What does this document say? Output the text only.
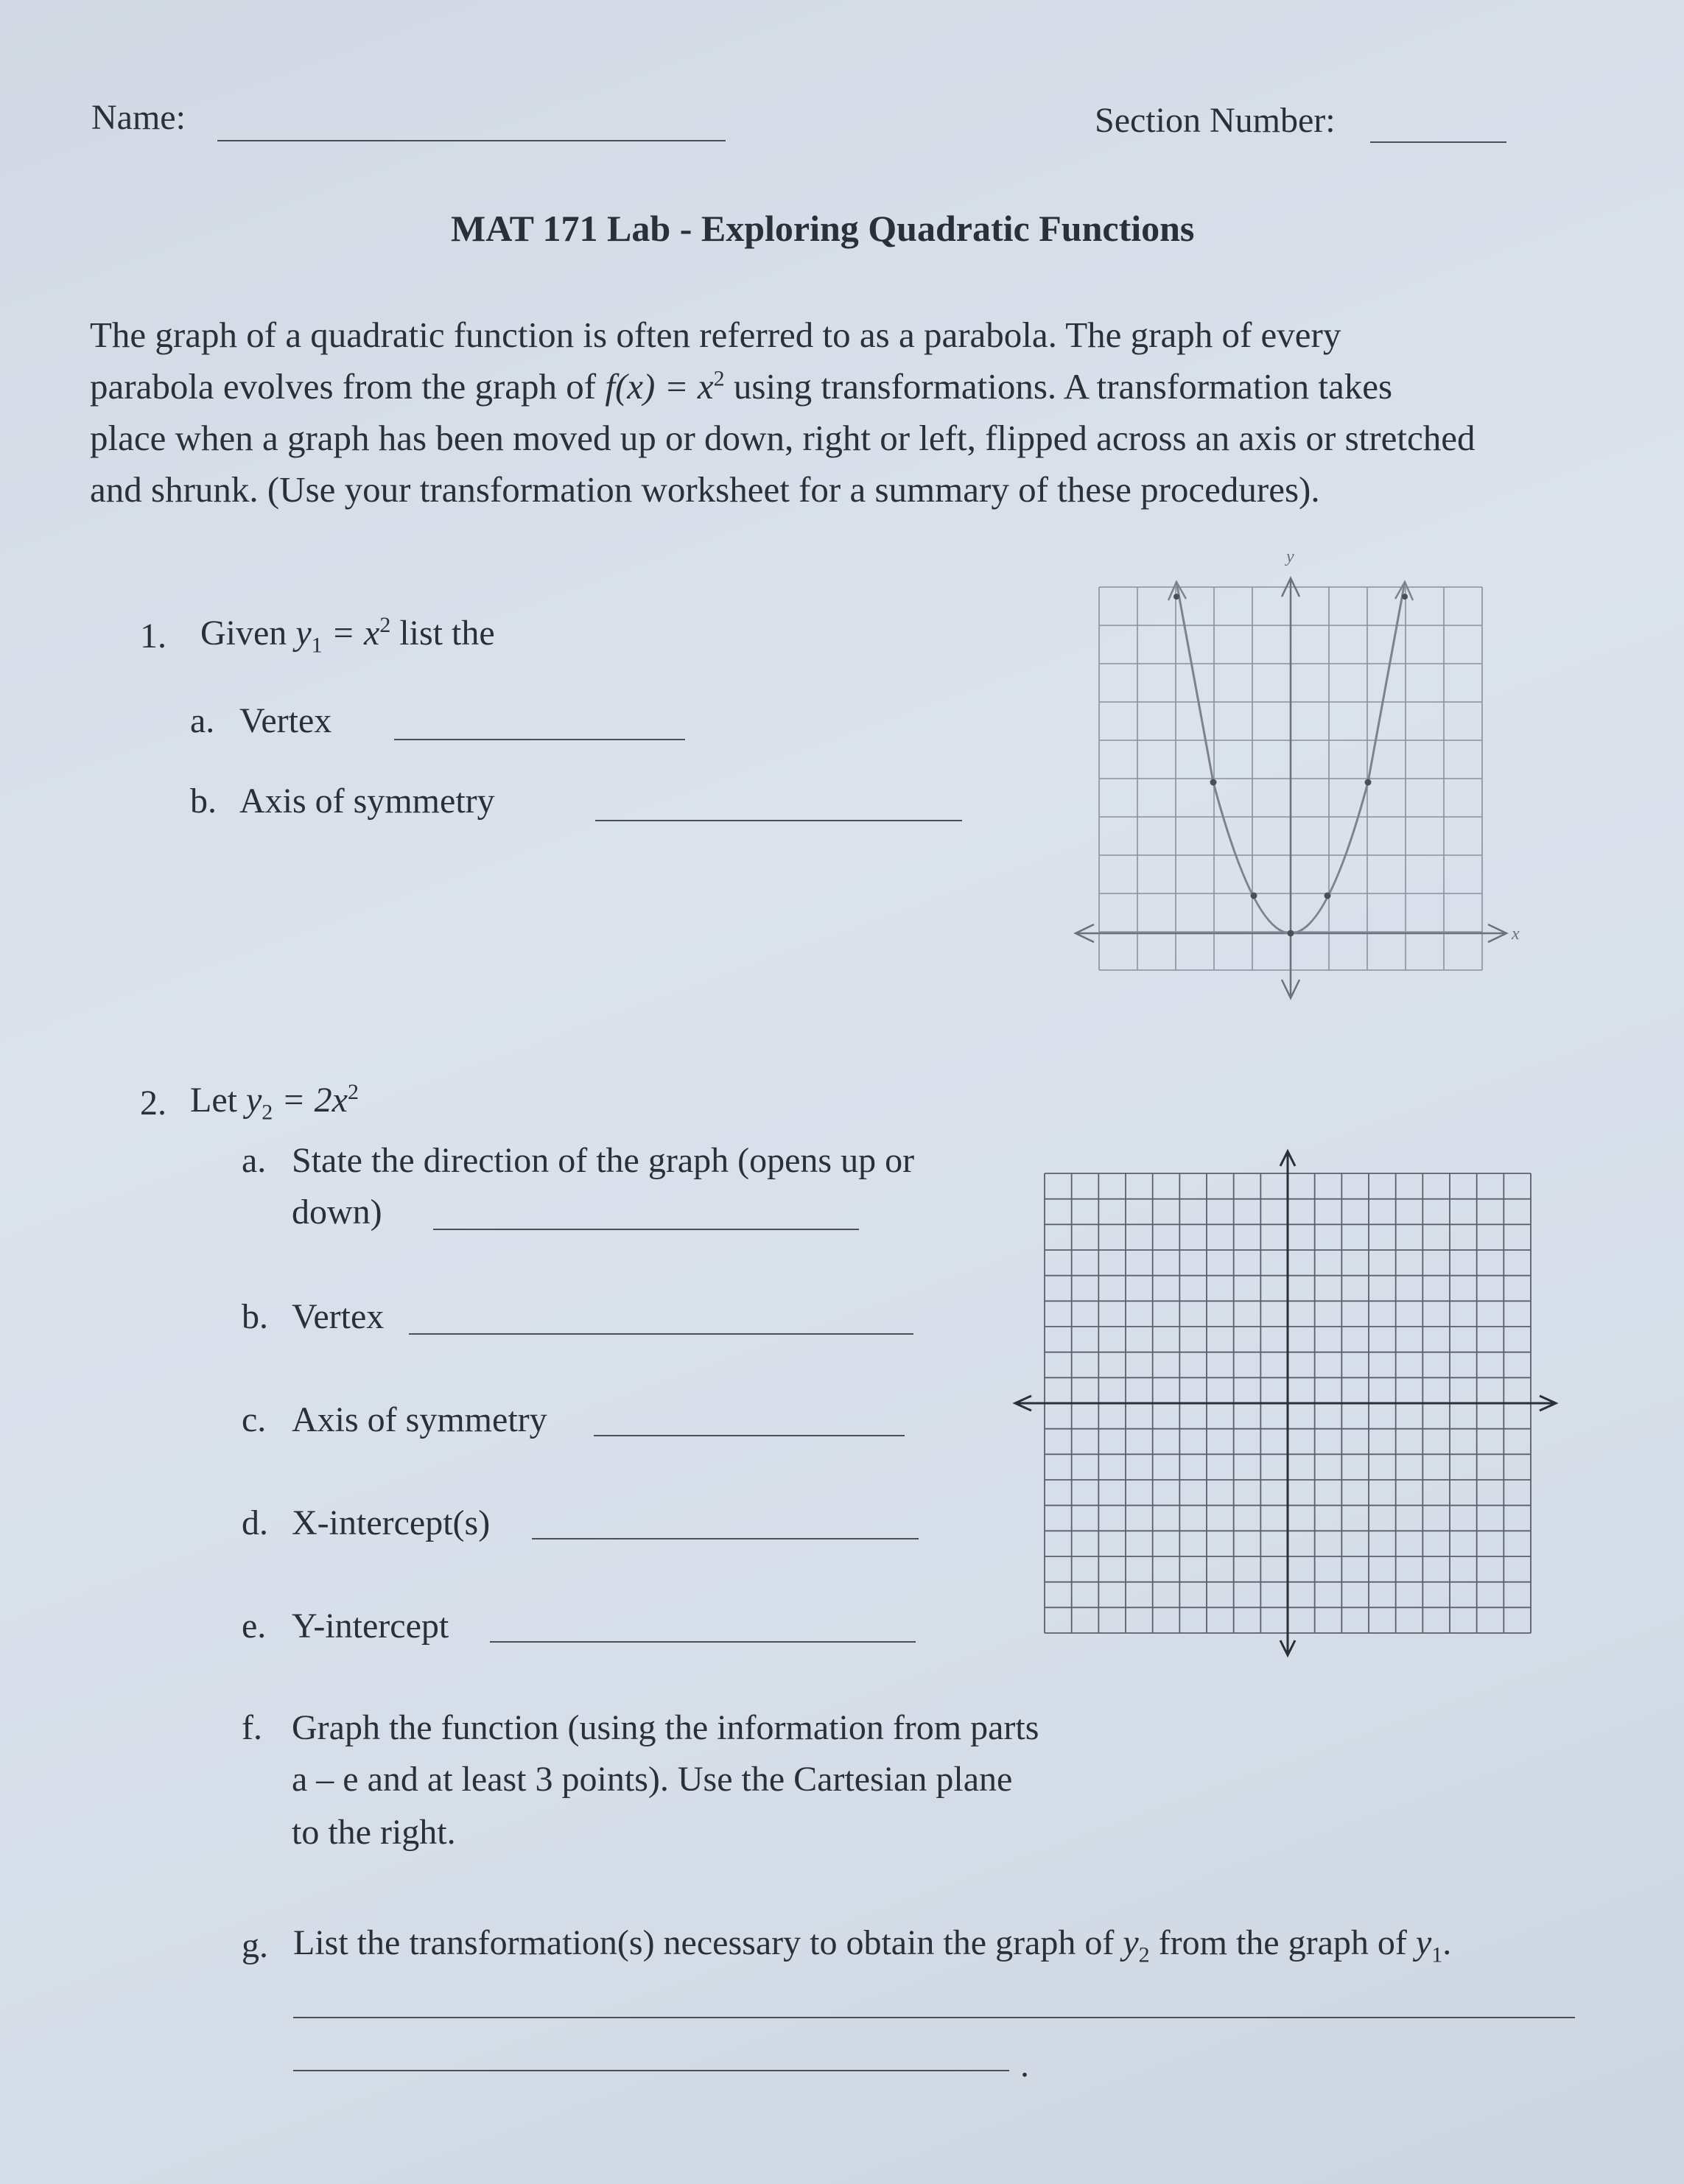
Name:	Section Number:
MAT 171 Lab - Exploring Quadratic Functions
The graph of a quadratic function is often referred to as a parabola. The graph of every
parabola evolves from the graph of $f(x) = x^2$ using transformations. A transformation takes
place when a graph has been moved up or down, right or left, flipped across an axis or stretched
and shrunk. (Use your transformation worksheet for a summary of these procedures).
1. Given $y_1 = x^2$ list the
a. Vertex
b. Axis of symmetry
y
x
2. Let $y_2 = 2x^2$
a. State the direction of the graph (opens up or
down)
b. Vertex
c. Axis of symmetry
d. X-intercept(s)
e. Y-intercept
f. Graph the function (using the information from parts
a – e and at least 3 points). Use the Cartesian plane
to the right.
g. List the transformation(s) necessary to obtain the graph of $y_2$ from the graph of $y_1$.
.
